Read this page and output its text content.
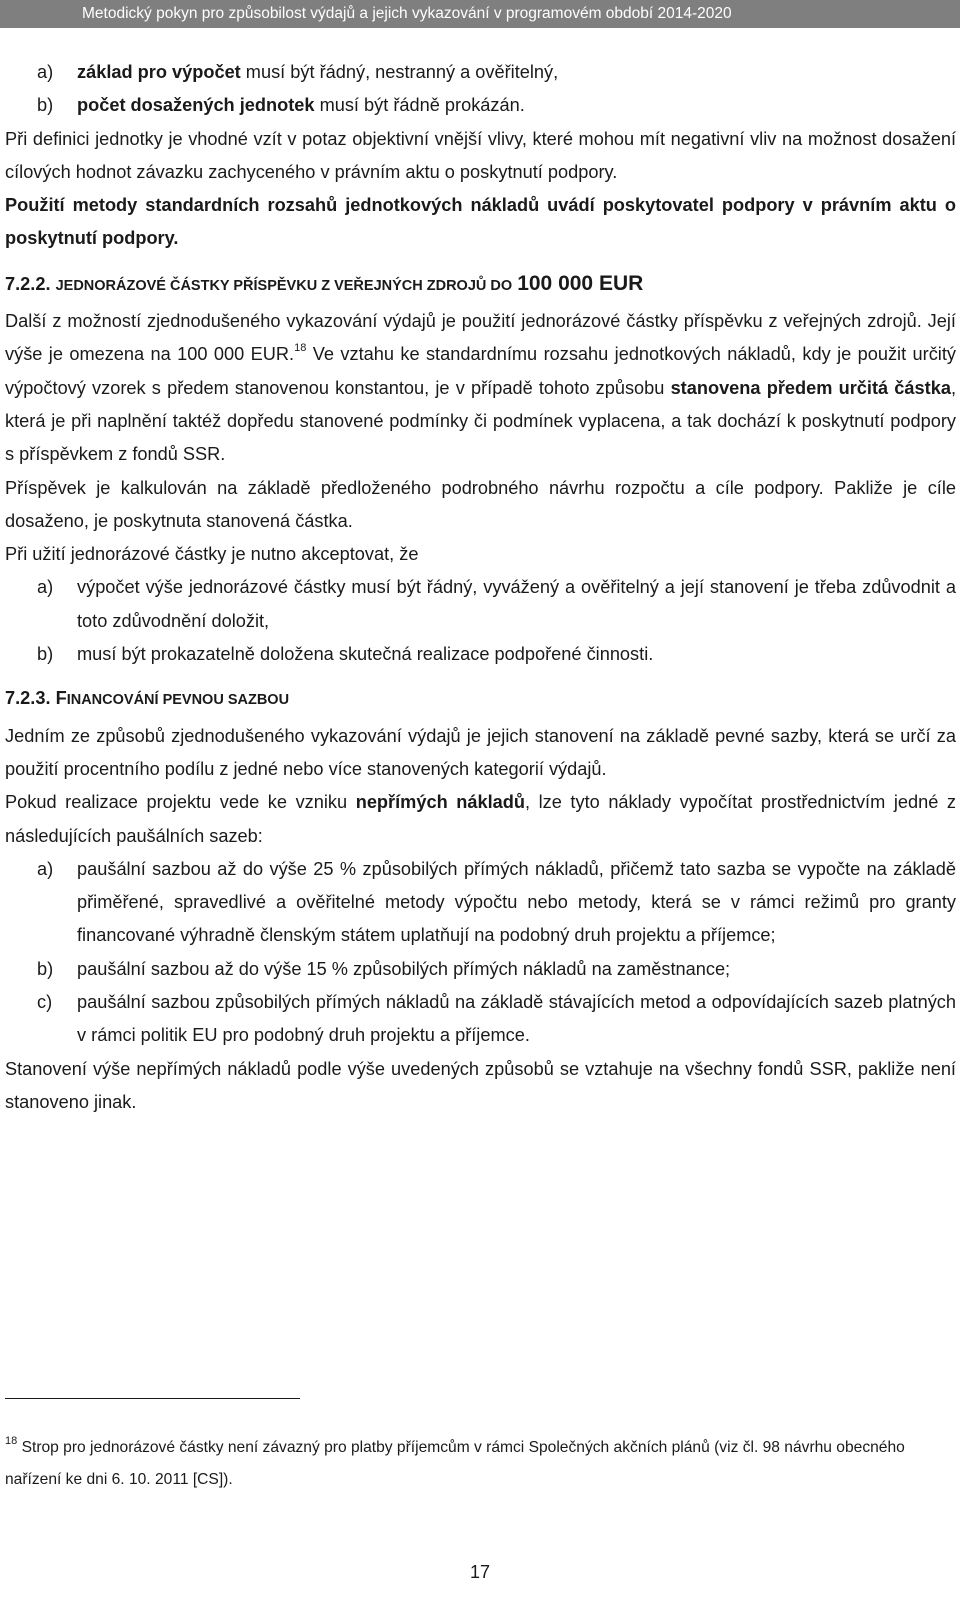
Metodický pokyn pro způsobilost výdajů a jejich vykazování v programovém období 2014-2020

a) základ pro výpočet musí být řádný, nestranný a ověřitelný,

b) počet dosažených jednotek musí být řádně prokázán.

Při definici jednotky je vhodné vzít v potaz objektivní vnější vlivy, které mohou mít negativní vliv na možnost dosažení cílových hodnot závazku zachyceného v právním aktu o poskytnutí podpory.

Použití metody standardních rozsahů jednotkových nákladů uvádí poskytovatel podpory v právním aktu o poskytnutí podpory.

7.2.2. JEDNORÁZOVÉ ČÁSTKY PŘÍSPĚVKU Z VEŘEJNÝCH ZDROJŮ DO 100 000 EUR

Další z možností zjednodušeného vykazování výdajů je použití jednorázové částky příspěvku z veřejných zdrojů. Její výše je omezena na 100 000 EUR.$^{18}$ Ve vztahu ke standardnímu rozsahu jednotkových nákladů, kdy je použit určitý výpočtový vzorek s předem stanovenou konstantou, je v případě tohoto způsobu stanovena předem určitá částka, která je při naplnění taktéž dopředu stanovené podmínky či podmínek vyplacena, a tak dochází k poskytnutí podpory s příspěvkem z fondů SSR.

Příspěvek je kalkulován na základě předloženého podrobného návrhu rozpočtu a cíle podpory. Pakliže je cíle dosaženo, je poskytnuta stanovená částka.

Při užití jednorázové částky je nutno akceptovat, že

a) výpočet výše jednorázové částky musí být řádný, vyvážený a ověřitelný a její stanovení je třeba zdůvodnit a toto zdůvodnění doložit,

b) musí být prokazatelně doložena skutečná realizace podpořené činnosti.

7.2.3. FINANCOVÁNÍ PEVNOU SAZBOU

Jedním ze způsobů zjednodušeného vykazování výdajů je jejich stanovení na základě pevné sazby, která se určí za použití procentního podílu z jedné nebo více stanovených kategorií výdajů.

Pokud realizace projektu vede ke vzniku nepřímých nákladů, lze tyto náklady vypočítat prostřednictvím jedné z následujících paušálních sazeb:

a) paušální sazbou až do výše 25 % způsobilých přímých nákladů, přičemž tato sazba se vypočte na základě přiměřené, spravedlivé a ověřitelné metody výpočtu nebo metody, která se v rámci režimů pro granty financované výhradně členským státem uplatňují na podobný druh projektu a příjemce;

b) paušální sazbou až do výše 15 % způsobilých přímých nákladů na zaměstnance;

c) paušální sazbou způsobilých přímých nákladů na základě stávajících metod a odpovídajících sazeb platných v rámci politik EU pro podobný druh projektu a příjemce.

Stanovení výše nepřímých nákladů podle výše uvedených způsobů se vztahuje na všechny fondů SSR, pakliže není stanoveno jinak.

$^{18}$ Strop pro jednorázové částky není závazný pro platby příjemcům v rámci Společných akčních plánů (viz čl. 98 návrhu obecného nařízení ke dni 6. 10. 2011 [CS]).
17
